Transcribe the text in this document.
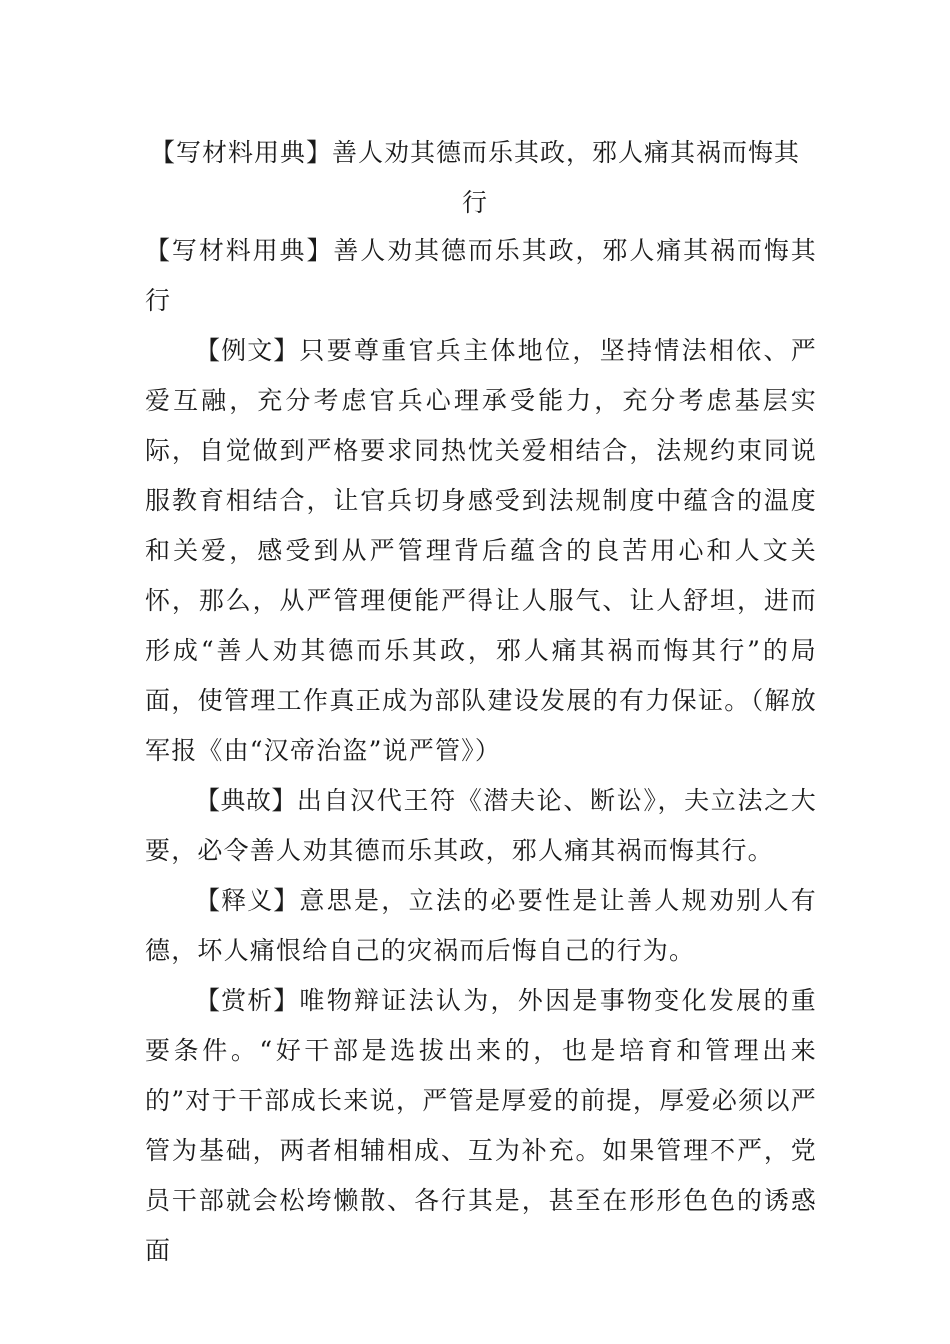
【写材料用典】善人劝其德而乐其政，邪人痛其祸而悔其行

【写材料用典】善人劝其德而乐其政，邪人痛其祸而悔其行

【例文】只要尊重官兵主体地位，坚持情法相依、严爱互融，充分考虑官兵心理承受能力，充分考虑基层实际，自觉做到严格要求同热忱关爱相结合，法规约束同说服教育相结合，让官兵切身感受到法规制度中蕴含的温度和关爱，感受到从严管理背后蕴含的良苦用心和人文关怀，那么，从严管理便能严得让人服气、让人舒坦，进而形成“善人劝其德而乐其政，邪人痛其祸而悔其行”的局面，使管理工作真正成为部队建设发展的有力保证。（解放军报《由“汉帝治盗”说严管》）

【典故】出自汉代王符《潜夫论、断讼》，夫立法之大要，必令善人劝其德而乐其政，邪人痛其祸而悔其行。

【释义】意思是，立法的必要性是让善人规劝别人有德，坏人痛恨给自己的灾祸而后悔自己的行为。

【赏析】唯物辩证法认为，外因是事物变化发展的重要条件。“好干部是选拔出来的，也是培育和管理出来的”对于干部成长来说，严管是厚爱的前提，厚爱必须以严管为基础，两者相辅相成、互为补充。如果管理不严，党员干部就会松垮懒散、各行其是，甚至在形形色色的诱惑面
